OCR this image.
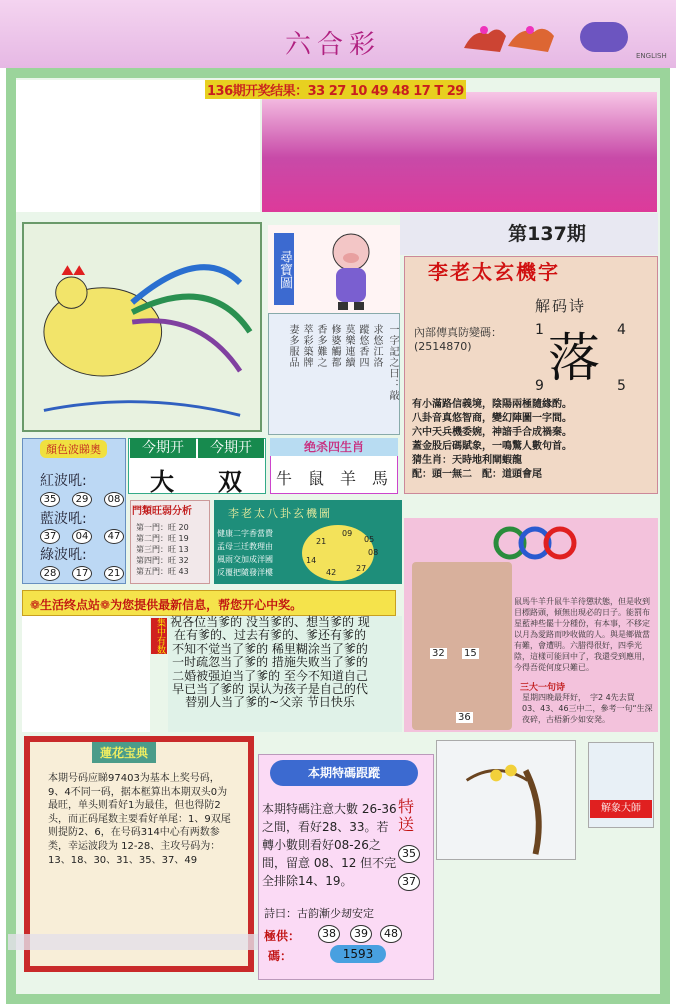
六合彩	ENGLISH
136期开奖结果：33 27 10 49 48 17 T 29
第137期
尋寶圖
一字記之曰：敲
求悠江洛
蹤悠香四
莫樂連續
修婆觸都
香多難之
萃彩築牌
妻多服品
李老太玄機字
解码诗
內部傳真防變碼：
(2514870) 落
1	4
9	5
有小滿路信義境，陰陽兩極隨緣酌。
八卦音真悠智商，變幻陣圖一字間。
六中天兵機委婉，神諳手合成禍秦。
蓋金股后碼賦象，一鳴驚人數句首。
猜生肖：天時地利閘蝦龍
配：頭一無二　配：道頭會尾
顏色波睇奧
紅波吼:
35	29	08
藍波吼:
37	04	47
綠波吼:
28	17	21
今期开	今期开
大 双
绝杀四生肖
牛 鼠 羊 馬
門類旺弱分析
第一門：旺 20
第二門：旺 19
第三門：旺 13
第四門：旺 32
第五門：旺 43
李老太八卦玄機圖
健康二字香當費
孟母三迁教理由
風雨交加成洋國
反覆把隨發洋樓
21
09
05
08
42 27
14
32 15
36
鼠馬牛羊升鼠牛羊待懲狀態，但是收到目標路頭，傾無出現必的日子。能罰布星藍神些罷十分種份，有本事，不移定以月為愛路而吵收做的人。與是鄉做當有難，會遭明。六腊得很好，四季光陰，這樣可能回中了，我還受到應用，今得吾從何度只難已。
三大一句诗
星期四晚最拜好，　字2 4先去買 03、43、46三中二，參考一句“生深夜碎，古梧新少如安発。
❁生活终点站❁为您提供最新信息，帮您开心中奖。
集中有数 祝各位当爹的 没当爹的、想当爹的 现在有爹的、过去有爹的、爹还有爹的 不知不觉当了爹的 稀里糊涂当了爹的 一时疏忽当了爹的 措施失败当了爹的 二婚被强迫当了爹的 至今不知道自己早已当了爹的 误认为孩子是自己的代替别人当了爹的~父亲 节日快乐
蓮花宝典
本期号码应睇97403为基本上奖号码，9、4不同一码，据本框算出本期双头0为最旺，单头则看好1为最佳，但也得防2头，而正码尾数主要看好单尾：1、9双尾则提防2、6，在号码314中心有两数参类，幸运波段为 12-28、主攻号码为：13、18、30、31、35、37、49
本期特碼跟蹤
本期特碼注意大數 26-36 之間，看好28、33。若轉小數則看好08-26之間，留意 08、12 但不完全排除14、19。
特送
35
37
詩曰：古韵漸少刼安定
極供：	38	39	48
碼：	1593
解象大師
